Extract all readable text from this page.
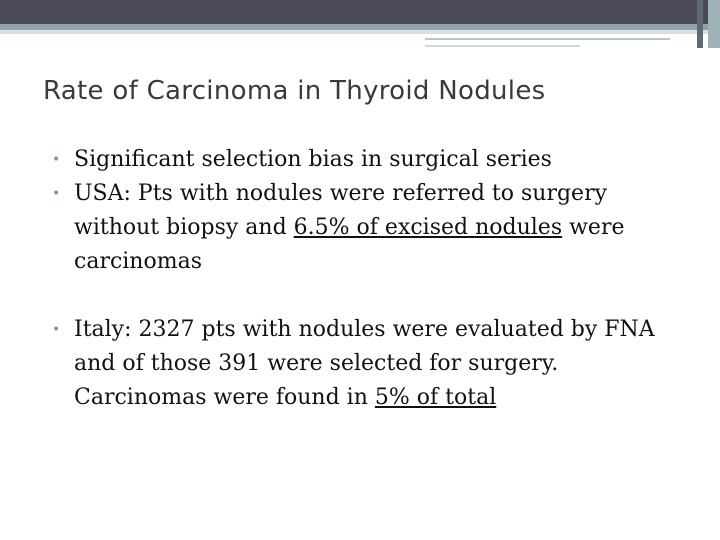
Rate of Carcinoma in Thyroid Nodules
• Significant selection bias in surgical series
• USA: Pts with nodules were referred to surgery without biopsy and 6.5% of excised nodules were carcinomas
• Italy: 2327 pts with nodules were evaluated by FNA and of those 391 were selected for surgery. Carcinomas were found in 5% of total
